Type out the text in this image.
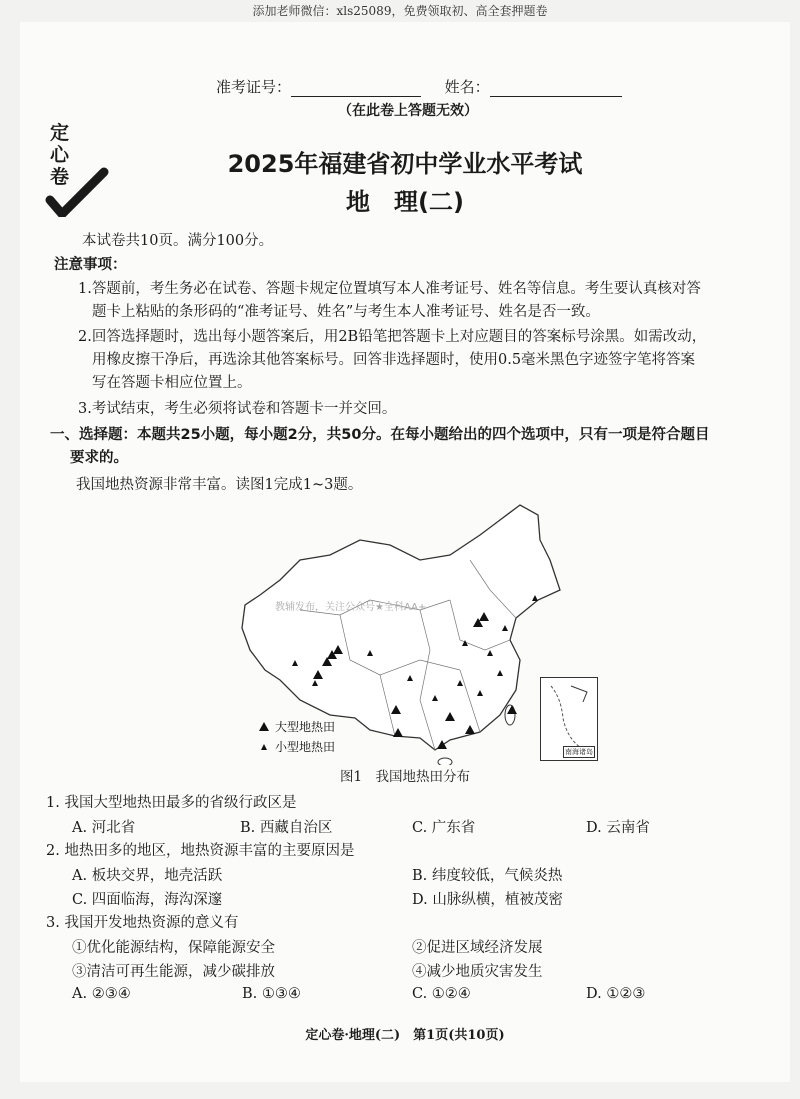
添加老师微信：xls25089，免费领取初、高全套押题卷
准考证号：	姓名：
（在此卷上答题无效）
定心卷	2025年福建省初中学业水平考试
地　理(二)
本试卷共10页。满分100分。
注意事项：
1.答题前，考生务必在试卷、答题卡规定位置填写本人准考证号、姓名等信息。考生要认真核对答
题卡上粘贴的条形码的“准考证号、姓名”与考生本人准考证号、姓名是否一致。
2.回答选择题时，选出每小题答案后，用2B铅笔把答题卡上对应题目的答案标号涂黑。如需改动，
用橡皮擦干净后，再选涂其他答案标号。回答非选择题时，使用0.5毫米黑色字迹签字笔将答案
写在答题卡相应位置上。
3.考试结束，考生必须将试卷和答题卡一并交回。
一、选择题：本题共25小题，每小题2分，共50分。在每小题给出的四个选项中，只有一项是符合题目
要求的。
我国地热资源非常丰富。读图1完成1~3题。
教辅发布，关注公众号★全科AA+
大型地热田
小型地热田	南海诸岛
图1　我国地热田分布
1. 我国大型地热田最多的省级行政区是
A. 河北省	B. 西藏自治区	C. 广东省	D. 云南省
2. 地热田多的地区，地热资源丰富的主要原因是
A. 板块交界，地壳活跃	B. 纬度较低，气候炎热
C. 四面临海，海沟深邃	D. 山脉纵横，植被茂密
3. 我国开发地热资源的意义有
①优化能源结构，保障能源安全	②促进区域经济发展
③清洁可再生能源，减少碳排放	④减少地质灾害发生
A. ②③④	B. ①③④	C. ①②④	D. ①②③
定心卷·地理(二)　第1页(共10页)
